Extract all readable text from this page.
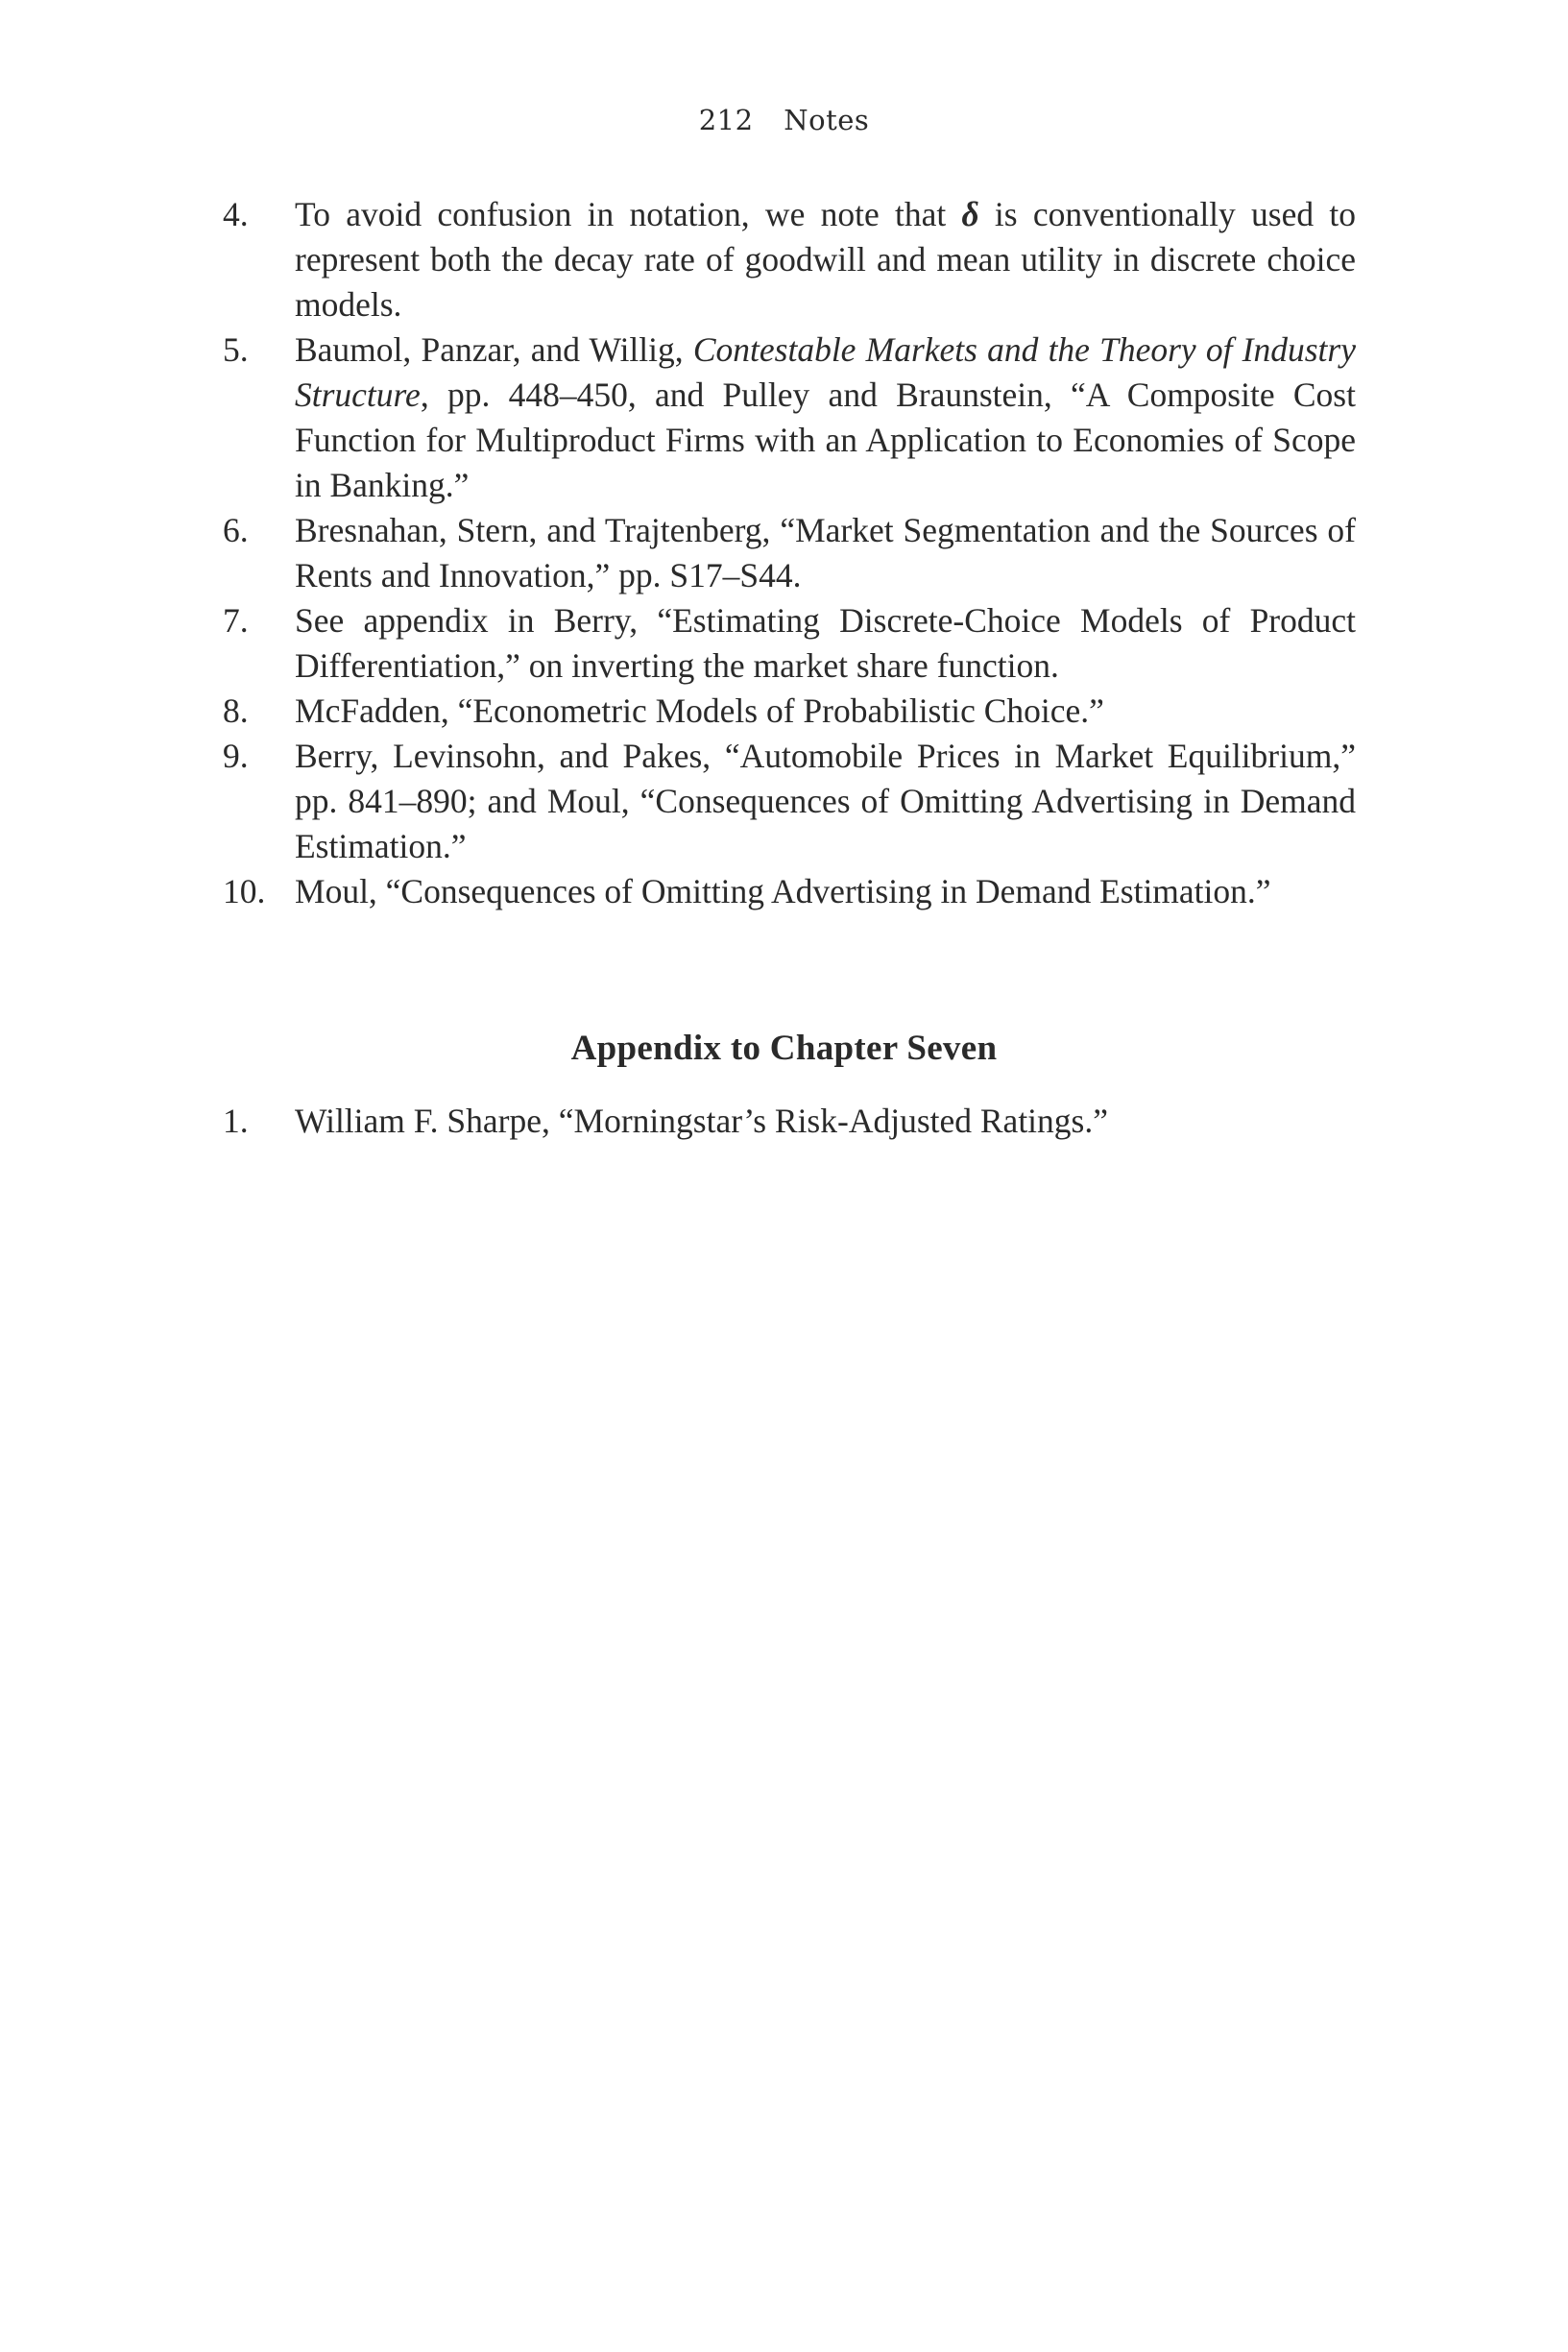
212 Notes
4.	To avoid confusion in notation, we note that δ is conventionally used to represent both the decay rate of goodwill and mean utility in discrete choice models.
5.	Baumol, Panzar, and Willig, Contestable Markets and the Theory of Industry Structure, pp. 448–450, and Pulley and Braunstein, “A Composite Cost Function for Multiproduct Firms with an Application to Economies of Scope in Banking.”
6.	Bresnahan, Stern, and Trajtenberg, “Market Segmentation and the Sources of Rents and Innovation,” pp. S17–S44.
7.	See appendix in Berry, “Estimating Discrete-Choice Models of Product Differentiation,” on inverting the market share function.
8.	McFadden, “Econometric Models of Probabilistic Choice.”
9.	Berry, Levinsohn, and Pakes, “Automobile Prices in Market Equilibrium,” pp. 841–890; and Moul, “Consequences of Omitting Advertising in Demand Estimation.”
10. Moul, “Consequences of Omitting Advertising in Demand Estimation.”
Appendix to Chapter Seven
1.	William F. Sharpe, “Morningstar’s Risk-Adjusted Ratings.”
